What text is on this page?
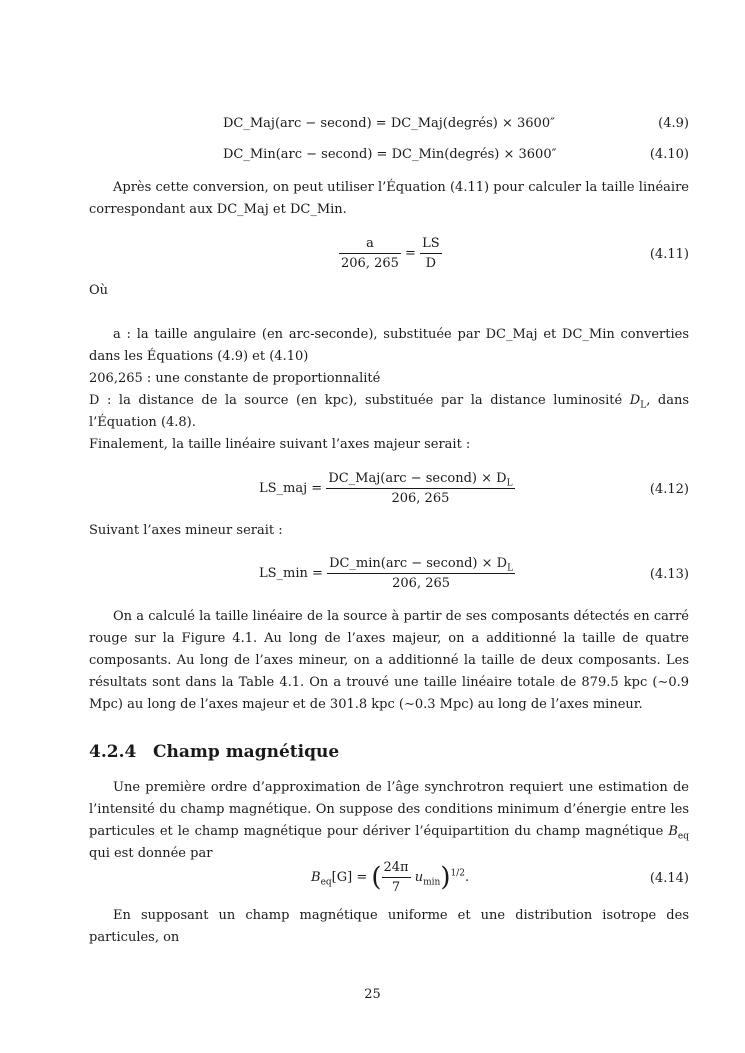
DC_Maj(arc − second) = DC_Maj(degrés) × 3600″	(4.9)
DC_Min(arc − second) = DC_Min(degrés) × 3600″	(4.10)
Après cette conversion, on peut utiliser l’Équation (4.11) pour calculer la taille linéaire correspondant aux DC_Maj et DC_Min.
$\frac{a}{206, 265} = \frac{LS}{D}$	(4.11)
Où
a : la taille angulaire (en arc-seconde), substituée par DC_Maj et DC_Min converties dans les Équations (4.9) et (4.10)
206,265 : une constante de proportionnalité
D : la distance de la source (en kpc), substituée par la distance luminosité $D_L$, dans l’Équation (4.8).
Finalement, la taille linéaire suivant l’axes majeur serait :
LS_maj = $\frac{DC\_Maj(arc - second) \times D_L}{206, 265}$	(4.12)
Suivant l’axes mineur serait :
LS_min = $\frac{DC\_\min(arc - second) \times D_L}{206, 265}$	(4.13)
On a calculé la taille linéaire de la source à partir de ses composants détectés en carré rouge sur la Figure 4.1. Au long de l’axes majeur, on a additionné la taille de quatre composants. Au long de l’axes mineur, on a additionné la taille de deux composants. Les résultats sont dans la Table 4.1. On a trouvé une taille linéaire totale de 879.5 kpc (∼0.9 Mpc) au long de l’axes majeur et de 301.8 kpc (∼0.3 Mpc) au long de l’axes mineur.
4.2.4 Champ magnétique
Une première ordre d’approximation de l’âge synchrotron requiert une estimation de l’intensité du champ magnétique. On suppose des conditions minimum d’énergie entre les particules et le champ magnétique pour dériver l’équipartition du champ magnétique $B_{eq}$ qui est donnée par
$B_{eq}[G]$ = ( $\frac{24\pi}{7} u_{min})^{1/2}$.	(4.14)
En supposant un champ magnétique uniforme et une distribution isotrope des particules, on
25
